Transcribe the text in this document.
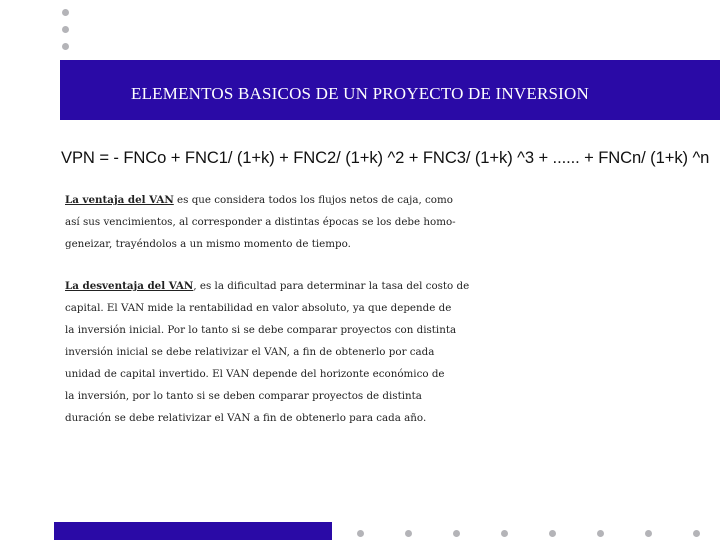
ELEMENTOS BASICOS DE UN PROYECTO DE INVERSION
VPN = - FNCo + FNC1/ (1+k) + FNC2/ (1+k) ^2 + FNC3/ (1+k) ^3 + ...... + FNCn/ (1+k) ^n

La ventaja del VAN es que considera todos los flujos netos de caja, como

así sus vencimientos, al corresponder a distintas épocas se los debe homo-

geneizar, trayéndolos a un mismo momento de tiempo.

La desventaja del VAN, es la dificultad para determinar la tasa del costo de

capital. El VAN mide la rentabilidad en valor absoluto, ya que depende de

la inversión inicial. Por lo tanto si se debe comparar proyectos con distinta

inversión inicial se debe relativizar el VAN, a fin de obtenerlo por cada

unidad de capital invertido. El VAN depende del horizonte económico de

la inversión, por lo tanto si se deben comparar proyectos de distinta

duración se debe relativizar el VAN a fin de obtenerlo para cada año.
